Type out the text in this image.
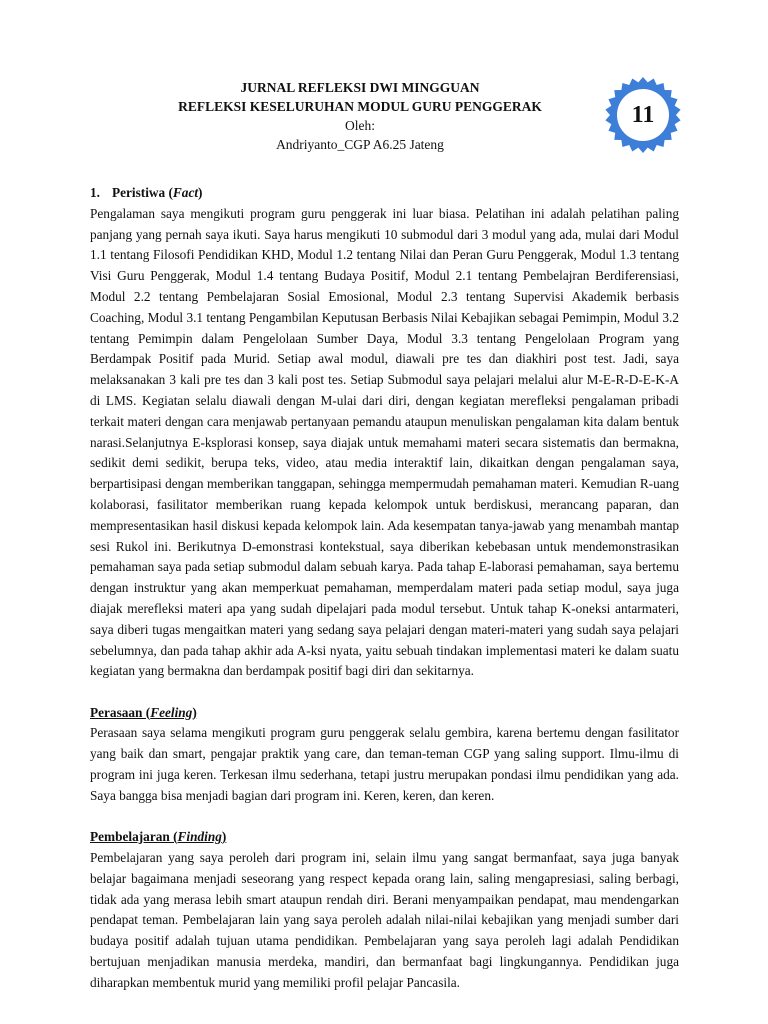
JURNAL REFLEKSI DWI MINGGUAN
REFLEKSI KESELURUHAN MODUL GURU PENGGERAK
Oleh:
Andriyanto_CGP A6.25 Jateng
11
1. Peristiwa (Fact)

Pengalaman saya mengikuti program guru penggerak ini luar biasa. Pelatihan ini adalah pelatihan paling panjang yang pernah saya ikuti. Saya harus mengikuti 10 submodul dari 3 modul yang ada, mulai dari Modul 1.1 tentang Filosofi Pendidikan KHD, Modul 1.2 tentang Nilai dan Peran Guru Penggerak, Modul 1.3 tentang Visi Guru Penggerak, Modul 1.4 tentang Budaya Positif, Modul 2.1 tentang Pembelajran Berdiferensiasi, Modul 2.2 tentang Pembelajaran Sosial Emosional, Modul 2.3 tentang Supervisi Akademik berbasis Coaching, Modul 3.1 tentang Pengambilan Keputusan Berbasis Nilai Kebajikan sebagai Pemimpin, Modul 3.2 tentang Pemimpin dalam Pengelolaan Sumber Daya, Modul 3.3 tentang Pengelolaan Program yang Berdampak Positif pada Murid. Setiap awal modul, diawali pre tes dan diakhiri post test. Jadi, saya melaksanakan 3 kali pre tes dan 3 kali post tes. Setiap Submodul saya pelajari melalui alur M-E-R-D-E-K-A di LMS. Kegiatan selalu diawali dengan M-ulai dari diri, dengan kegiatan merefleksi pengalaman pribadi terkait materi dengan cara menjawab pertanyaan pemandu ataupun menuliskan pengalaman kita dalam bentuk narasi.Selanjutnya E-ksplorasi konsep, saya diajak untuk memahami materi secara sistematis dan bermakna, sedikit demi sedikit, berupa teks, video, atau media interaktif lain, dikaitkan dengan pengalaman saya, berpartisipasi dengan memberikan tanggapan, sehingga mempermudah pemahaman materi. Kemudian R-uang kolaborasi, fasilitator memberikan ruang kepada kelompok untuk berdiskusi, merancang paparan, dan mempresentasikan hasil diskusi kepada kelompok lain. Ada kesempatan tanya-jawab yang menambah mantap sesi Rukol ini. Berikutnya D-emonstrasi kontekstual, saya diberikan kebebasan untuk mendemonstrasikan pemahaman saya pada setiap submodul dalam sebuah karya. Pada tahap E-laborasi pemahaman, saya bertemu dengan instruktur yang akan memperkuat pemahaman, memperdalam materi pada setiap modul, saya juga diajak merefleksi materi apa yang sudah dipelajari pada modul tersebut. Untuk tahap K-oneksi antarmateri, saya diberi tugas mengaitkan materi yang sedang saya pelajari dengan materi-materi yang sudah saya pelajari sebelumnya, dan pada tahap akhir ada A-ksi nyata, yaitu sebuah tindakan implementasi materi ke dalam suatu kegiatan yang bermakna dan berdampak positif bagi diri dan sekitarnya.

Perasaan (Feeling)

Perasaan saya selama mengikuti program guru penggerak selalu gembira, karena bertemu dengan fasilitator yang baik dan smart, pengajar praktik yang care, dan teman-teman CGP yang saling support. Ilmu-ilmu di program ini juga keren. Terkesan ilmu sederhana, tetapi justru merupakan pondasi ilmu pendidikan yang ada. Saya bangga bisa menjadi bagian dari program ini. Keren, keren, dan keren.

Pembelajaran (Finding)

Pembelajaran yang saya peroleh dari program ini, selain ilmu yang sangat bermanfaat, saya juga banyak belajar bagaimana menjadi seseorang yang respect kepada orang lain, saling mengapresiasi, saling berbagi, tidak ada yang merasa lebih smart ataupun rendah diri. Berani menyampaikan pendapat, mau mendengarkan pendapat teman. Pembelajaran lain yang saya peroleh adalah nilai-nilai kebajikan yang menjadi sumber dari budaya positif adalah tujuan utama pendidikan. Pembelajaran yang saya peroleh lagi adalah Pendidikan bertujuan menjadikan manusia merdeka, mandiri, dan bermanfaat bagi lingkungannya. Pendidikan juga diharapkan membentuk murid yang memiliki profil pelajar Pancasila.
